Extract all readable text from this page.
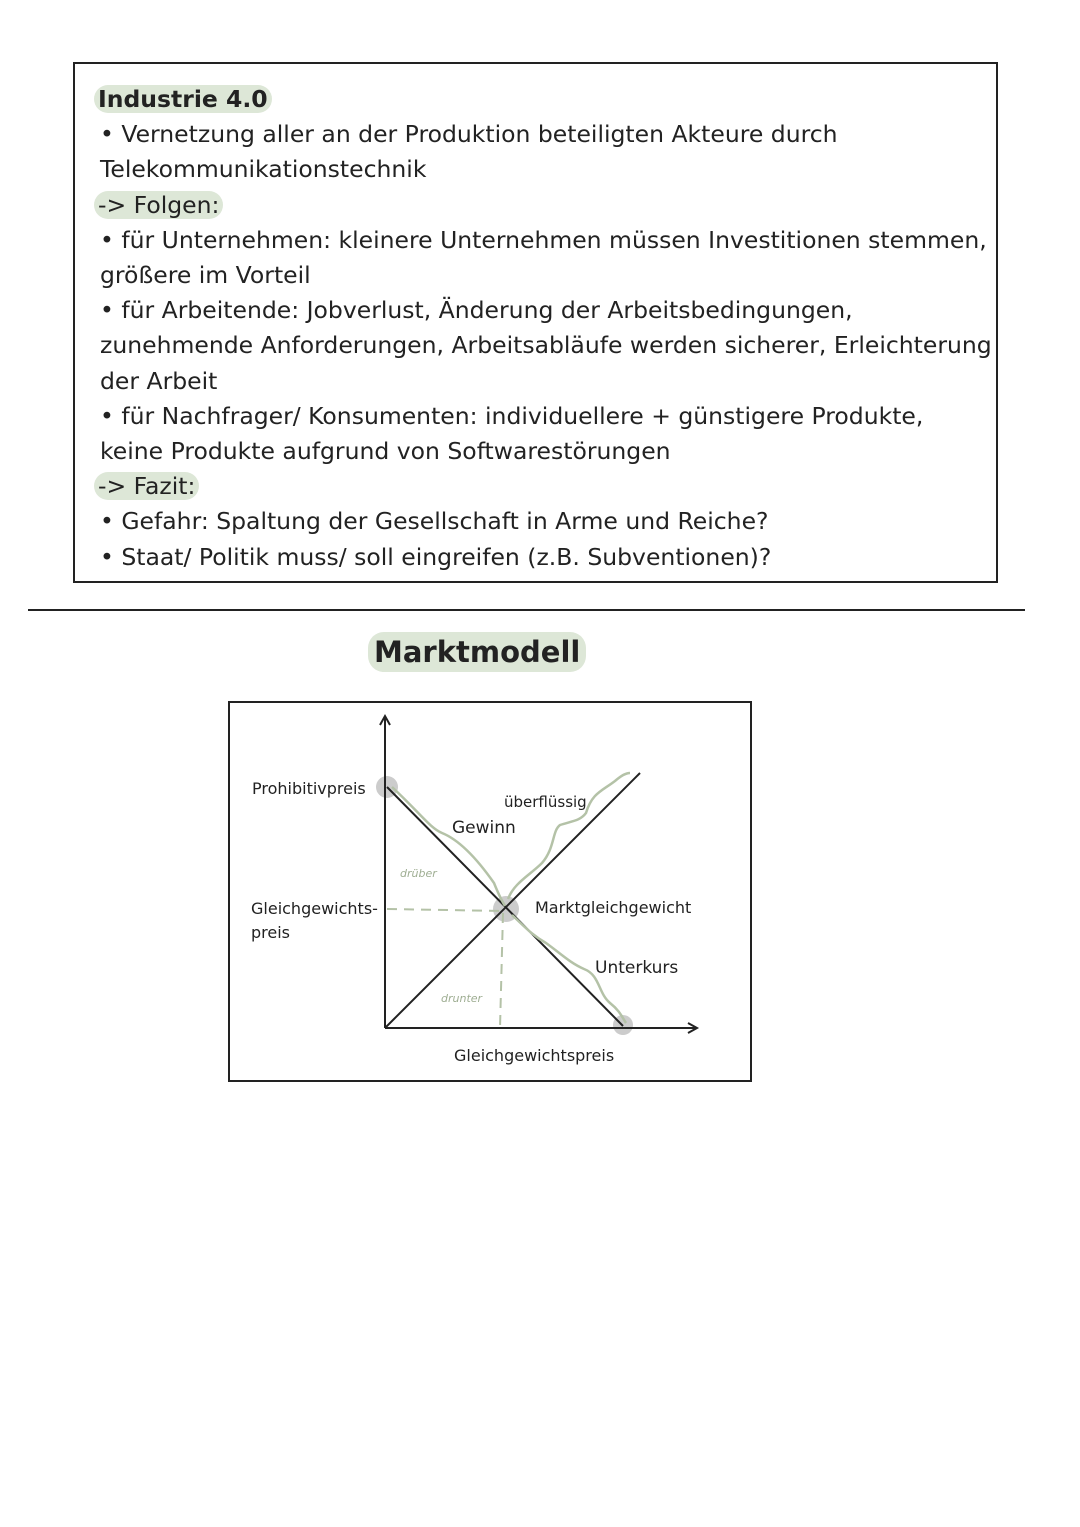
Industrie 4.0
• Vernetzung aller an der Produktion beteiligten Akteure durch
Telekommunikationstechnik
-> Folgen:
• für Unternehmen: kleinere Unternehmen müssen Investitionen stemmen,
größere im Vorteil
• für Arbeitende: Jobverlust, Änderung der Arbeitsbedingungen,
zunehmende Anforderungen, Arbeitsabläufe werden sicherer, Erleichterung
der Arbeit
• für Nachfrager/ Konsumenten: individuellere + günstigere Produkte,
keine Produkte aufgrund von Softwarestörungen
-> Fazit:
• Gefahr: Spaltung der Gesellschaft in Arme und Reiche?
• Staat/ Politik muss/ soll eingreifen (z.B. Subventionen)?
Marktmodell
Prohibitivpreis
überflüssig
Gewinn
drüber
Gleichgewichts-
preis
Marktgleichgewicht
Unterkurs
drunter
Gleichgewichtspreis
